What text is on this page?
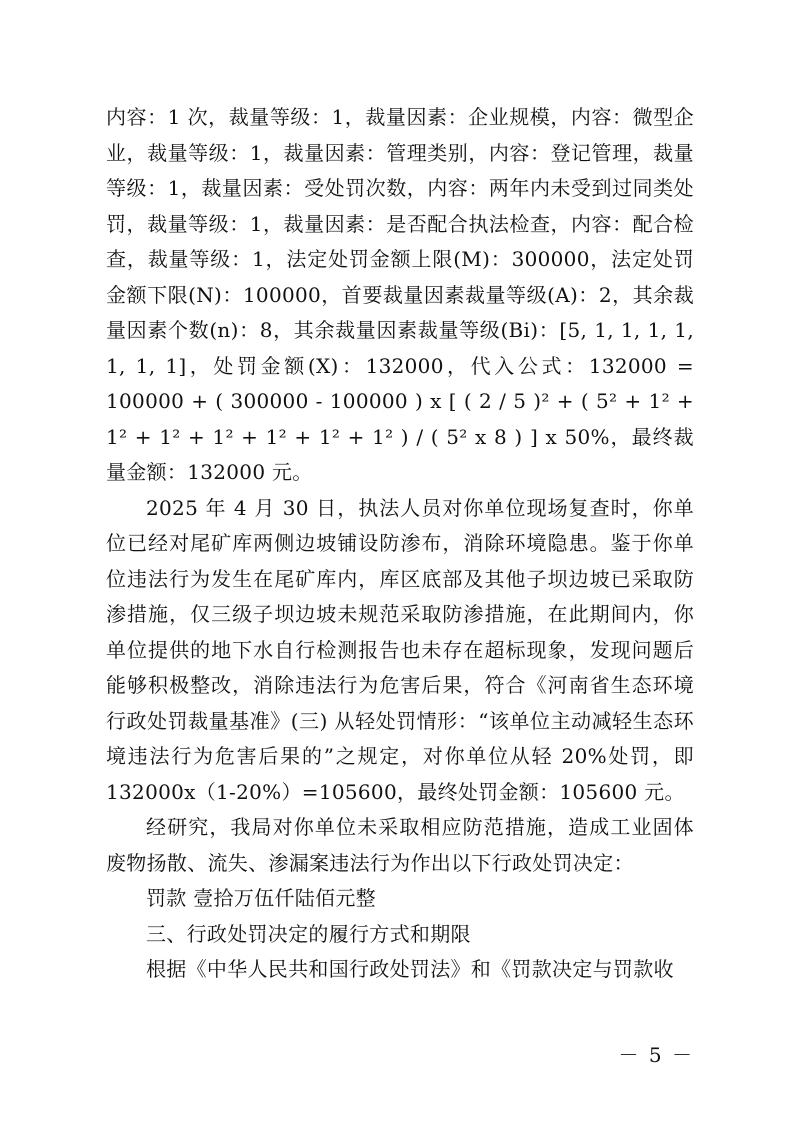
内容：1 次，裁量等级：1，裁量因素：企业规模，内容：微型企业，裁量等级：1，裁量因素：管理类别，内容：登记管理，裁量等级：1，裁量因素：受处罚次数，内容：两年内未受到过同类处罚，裁量等级：1，裁量因素：是否配合执法检查，内容：配合检查，裁量等级：1，法定处罚金额上限(M)：300000，法定处罚金额下限(N)：100000，首要裁量因素裁量等级(A)：2，其余裁量因素个数(n)：8，其余裁量因素裁量等级(Bi)：[5, 1, 1, 1, 1, 1, 1, 1]，处罚金额(X)：132000，代入公式：132000 = 100000 + ( 300000 - 100000 ) x [ ( 2 / 5 )² + ( 5² + 1² + 1² + 1² + 1² + 1² + 1² + 1² ) / ( 5² x 8 ) ] x 50%，最终裁量金额：132000 元。

2025 年 4 月 30 日，执法人员对你单位现场复查时，你单位已经对尾矿库两侧边坡铺设防渗布，消除环境隐患。鉴于你单位违法行为发生在尾矿库内，库区底部及其他子坝边坡已采取防渗措施，仅三级子坝边坡未规范采取防渗措施，在此期间内，你单位提供的地下水自行检测报告也未存在超标现象，发现问题后能够积极整改，消除违法行为危害后果，符合《河南省生态环境行政处罚裁量基准》(三) 从轻处罚情形：“该单位主动减轻生态环境违法行为危害后果的”之规定，对你单位从轻 20%处罚，即132000x（1-20%）=105600，最终处罚金额：105600 元。

经研究，我局对你单位未采取相应防范措施，造成工业固体废物扬散、流失、渗漏案违法行为作出以下行政处罚决定：

罚款 壹拾万伍仟陆佰元整

三、行政处罚决定的履行方式和期限

根据《中华人民共和国行政处罚法》和《罚款决定与罚款收

－ 5 －
